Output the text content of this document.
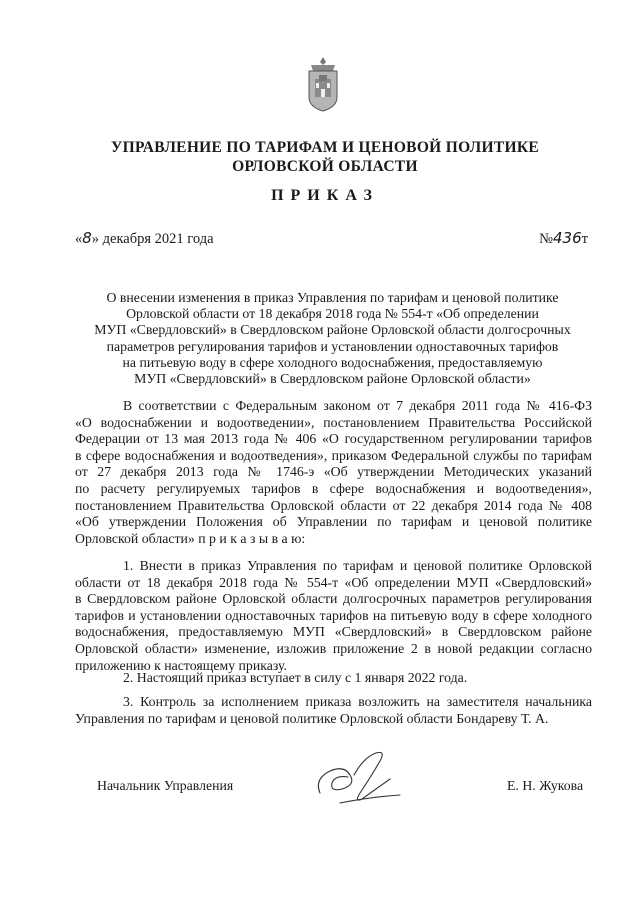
УПРАВЛЕНИЕ ПО ТАРИФАМ И ЦЕНОВОЙ ПОЛИТИКЕ
ОРЛОВСКОЙ ОБЛАСТИ
ПРИКАЗ
«8» декабря 2021 года	№436т
О внесении изменения в приказ Управления по тарифам и ценовой политике
Орловской области от 18 декабря 2018 года № 554-т «Об определении
МУП «Свердловский» в Свердловском районе Орловской области долгосрочных
параметров регулирования тарифов и установлении одноставочных тарифов
на питьевую воду в сфере холодного водоснабжения, предоставляемую
МУП «Свердловский» в Свердловском районе Орловской области»
В соответствии с Федеральным законом от 7 декабря 2011 года № 416-ФЗ
«О водоснабжении и водоотведении», постановлением Правительства Российской
Федерации от 13 мая 2013 года № 406 «О государственном регулировании тарифов
в сфере водоснабжения и водоотведения», приказом Федеральной службы по тарифам
от 27 декабря 2013 года № 1746-э «Об утверждении Методических указаний
по расчету регулируемых тарифов в сфере водоснабжения и водоотведения»,
постановлением Правительства Орловской области от 22 декабря 2014 года № 408
«Об утверждении Положения об Управлении по тарифам и ценовой политике
Орловской области» п р и к а з ы в а ю:
1. Внести в приказ Управления по тарифам и ценовой политике Орловской
области от 18 декабря 2018 года № 554-т «Об определении МУП «Свердловский»
в Свердловском районе Орловской области долгосрочных параметров регулирования
тарифов и установлении одноставочных тарифов на питьевую воду в сфере холодного
водоснабжения, предоставляемую МУП «Свердловский» в Свердловском районе
Орловской области» изменение, изложив приложение 2 в новой редакции согласно
приложению к настоящему приказу.
2. Настоящий приказ вступает в силу с 1 января 2022 года.
3. Контроль за исполнением приказа возложить на заместителя начальника
Управления по тарифам и ценовой политике Орловской области Бондареву Т. А.
Начальник Управления	Е. Н. Жукова
